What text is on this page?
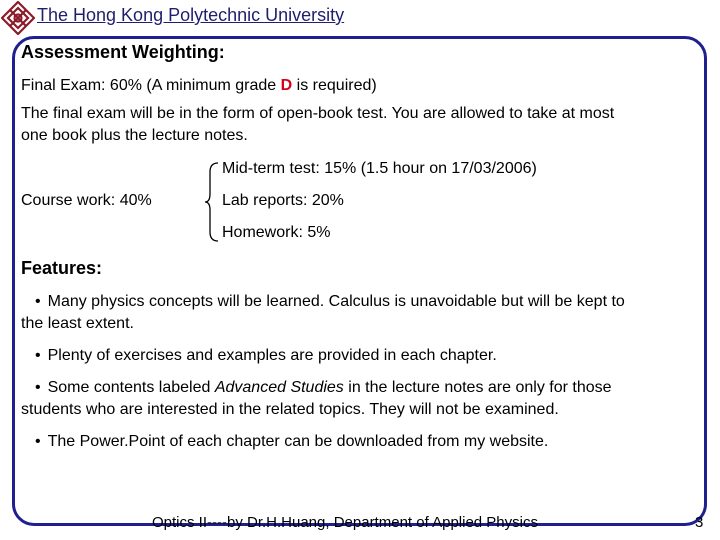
The Hong Kong Polytechnic University
Assessment Weighting:
Final Exam: 60% (A minimum grade D is required)
The final exam will be in the form of open-book test. You are allowed to take at most
one book plus the lecture notes.
Course work: 40%
Mid-term test: 15% (1.5 hour on 17/03/2006)
Lab reports: 20%
Homework: 5%
Features:
• Many physics concepts will be learned. Calculus is unavoidable but will be kept to
the least extent.
• Plenty of exercises and examples are provided in each chapter.
• Some contents labeled Advanced Studies in the lecture notes are only for those
students who are interested in the related topics. They will not be examined.
• The Power.Point of each chapter can be downloaded from my website.
Optics II----by Dr.H.Huang, Department of Applied Physics	3
